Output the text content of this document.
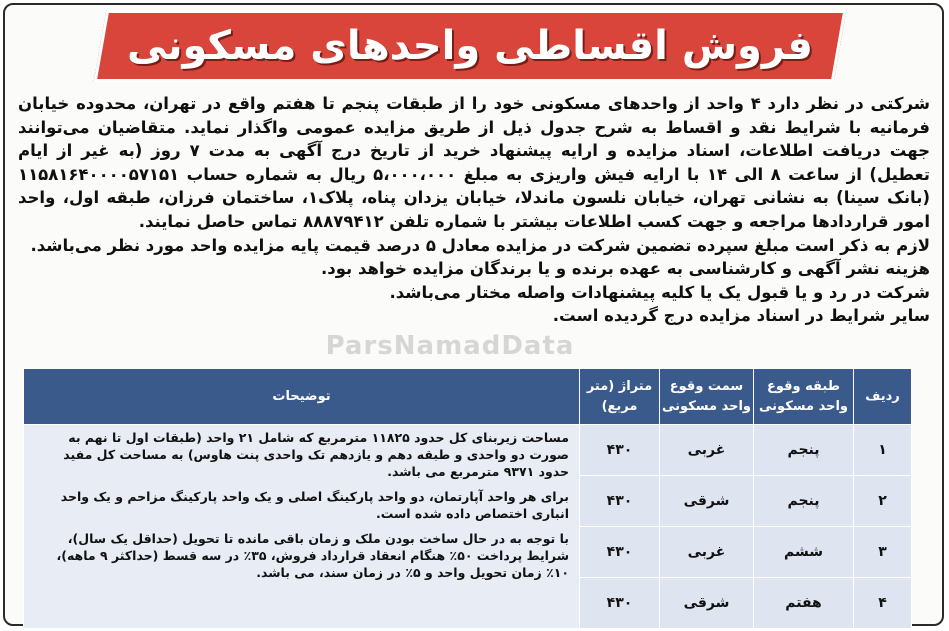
فروش اقساطی واحدهای مسکونی

شرکتی در نظر دارد ۴ واحد از واحدهای مسکونی خود را از طبقات پنجم تا هفتم واقع در تهران، محدوده خیابان فرمانیه با شرایط نقد و اقساط به شرح جدول ذیل از طریق مزایده عمومی واگذار نماید. متقاضیان می‌توانند جهت دریافت اطلاعات، اسناد مزایده و ارایه پیشنهاد خرید از تاریخ درج آگهی به مدت ۷ روز (به غیر از ایام تعطیل) از ساعت ۸ الی ۱۴ با ارایه فیش واریزی به مبلغ ۵،۰۰۰،۰۰۰ ریال به شماره حساب ۱۱۵۸۱۶۴۰۰۰۰۵۷۱۵۱ (بانک سینا) به نشانی تهران، خیابان نلسون ماندلا، خیابان یزدان پناه، پلاک۱، ساختمان فرزان، طبقه اول، واحد امور قراردادها مراجعه و جهت کسب اطلاعات بیشتر با شماره تلفن ۸۸۸۷۹۴۱۲ تماس حاصل نمایند.

لازم به ذکر است مبلغ سپرده تضمین شرکت در مزایده معادل ۵ درصد قیمت پایه مزایده واحد مورد نظر می‌باشد.

هزینه نشر آگهی و کارشناسی به عهده برنده و یا برندگان مزایده خواهد بود.

شرکت در رد و یا قبول یک یا کلیه پیشنهادات واصله مختار می‌باشد.

سایر شرایط در اسناد مزایده درج گردیده است.

ParsNamadData
ردیف	طبقه وقوع واحد مسکونی	سمت وقوع واحد مسکونی	متراژ (متر مربع)	توضیحات
۱	پنجم	غربی	۴۳۰	مساحت زیربنای کل حدود ۱۱۸۲۵ مترمربع که شامل ۲۱ واحد (طبقات اول تا نهم به صورت دو واحدی و طبقه دهم و یازدهم تک واحدی پنت هاوس) به مساحت کل مفید حدود ۹۳۷۱ مترمربع می باشد.
برای هر واحد آپارتمان، دو واحد پارکینگ اصلی و یک واحد پارکینگ مزاحم و یک واحد انباری اختصاص داده شده است.
با توجه به در حال ساخت بودن ملک و زمان باقی مانده تا تحویل (حداقل یک سال)، شرایط پرداخت ۵۰٪ هنگام انعقاد قرارداد فروش، ۳۵٪ در سه قسط (حداکثر ۹ ماهه)، ۱۰٪ زمان تحویل واحد و ۵٪ در زمان سند، می باشد.

۲	پنجم	شرقی	۴۳۰	
۳	ششم	غربی	۴۳۰	
۴	هفتم	شرقی	۴۳۰	
